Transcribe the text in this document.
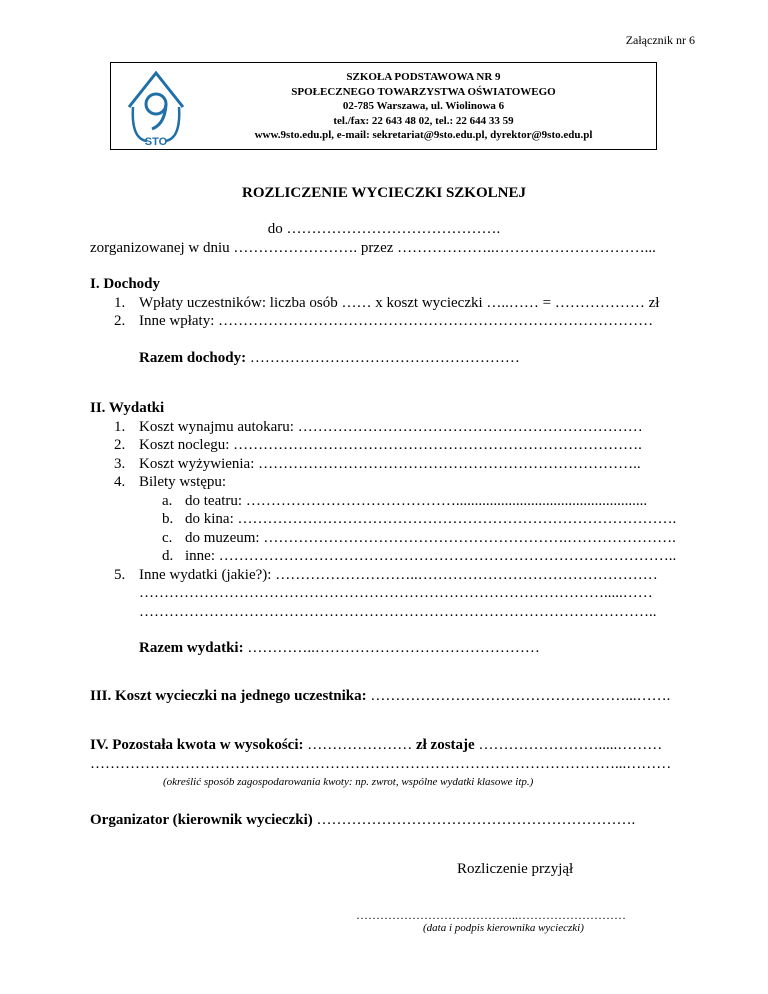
Załącznik nr 6
STO
SZKOŁA PODSTAWOWA NR 9
SPOŁECZNEGO TOWARZYSTWA OŚWIATOWEGO
02-785 Warszawa, ul. Wiolinowa 6
tel./fax: 22 643 48 02, tel.: 22 644 33 59
www.9sto.edu.pl, e-mail: sekretariat@9sto.edu.pl, dyrektor@9sto.edu.pl
ROZLICZENIE WYCIECZKI SZKOLNEJ
do …………………………………….
zorganizowanej w dniu ……………………. przez ………………..…………………………...
I. Dochody
1. Wpłaty uczestników: liczba osób …… x koszt wycieczki …..…… = ……………… zł
2. Inne wpłaty: ……………………………………………………………………………
Razem dochody: ………………………………………………
II. Wydatki
1. Koszt wynajmu autokaru: ……………………………………………………………
2. Koszt noclegu: ……………………………………………………………………….
3. Koszt wyżywienia: …………………………………………………………………..
4. Bilety wstępu:
a. do teatru: ……………………………………...................................................
b. do kina: …………………………………………………………………………….
c. do muzeum: …………………………………………………….………………….
d. inne: ………………………………………………………………………………..
5. Inne wydatki (jakie?): ………………………..…………………………………………
………………………………………………………………………………….....……
…………………………………………………………………………………………..
Razem wydatki: …………..………………………………………
III. Koszt wycieczki na jednego uczestnika: ……………………………………………...…….
IV. Pozostała kwota w wysokości: ………………… zł zostaje …………………….....………
……………………………………………………………………………………………...………
(określić sposób zagospodarowania kwoty: np. zwrot, wspólne wydatki klasowe itp.)
Organizator (kierownik wycieczki) ……………………………………………………….
Rozliczenie przyjął
…………………………………..………………………
(data i podpis kierownika wycieczki)
